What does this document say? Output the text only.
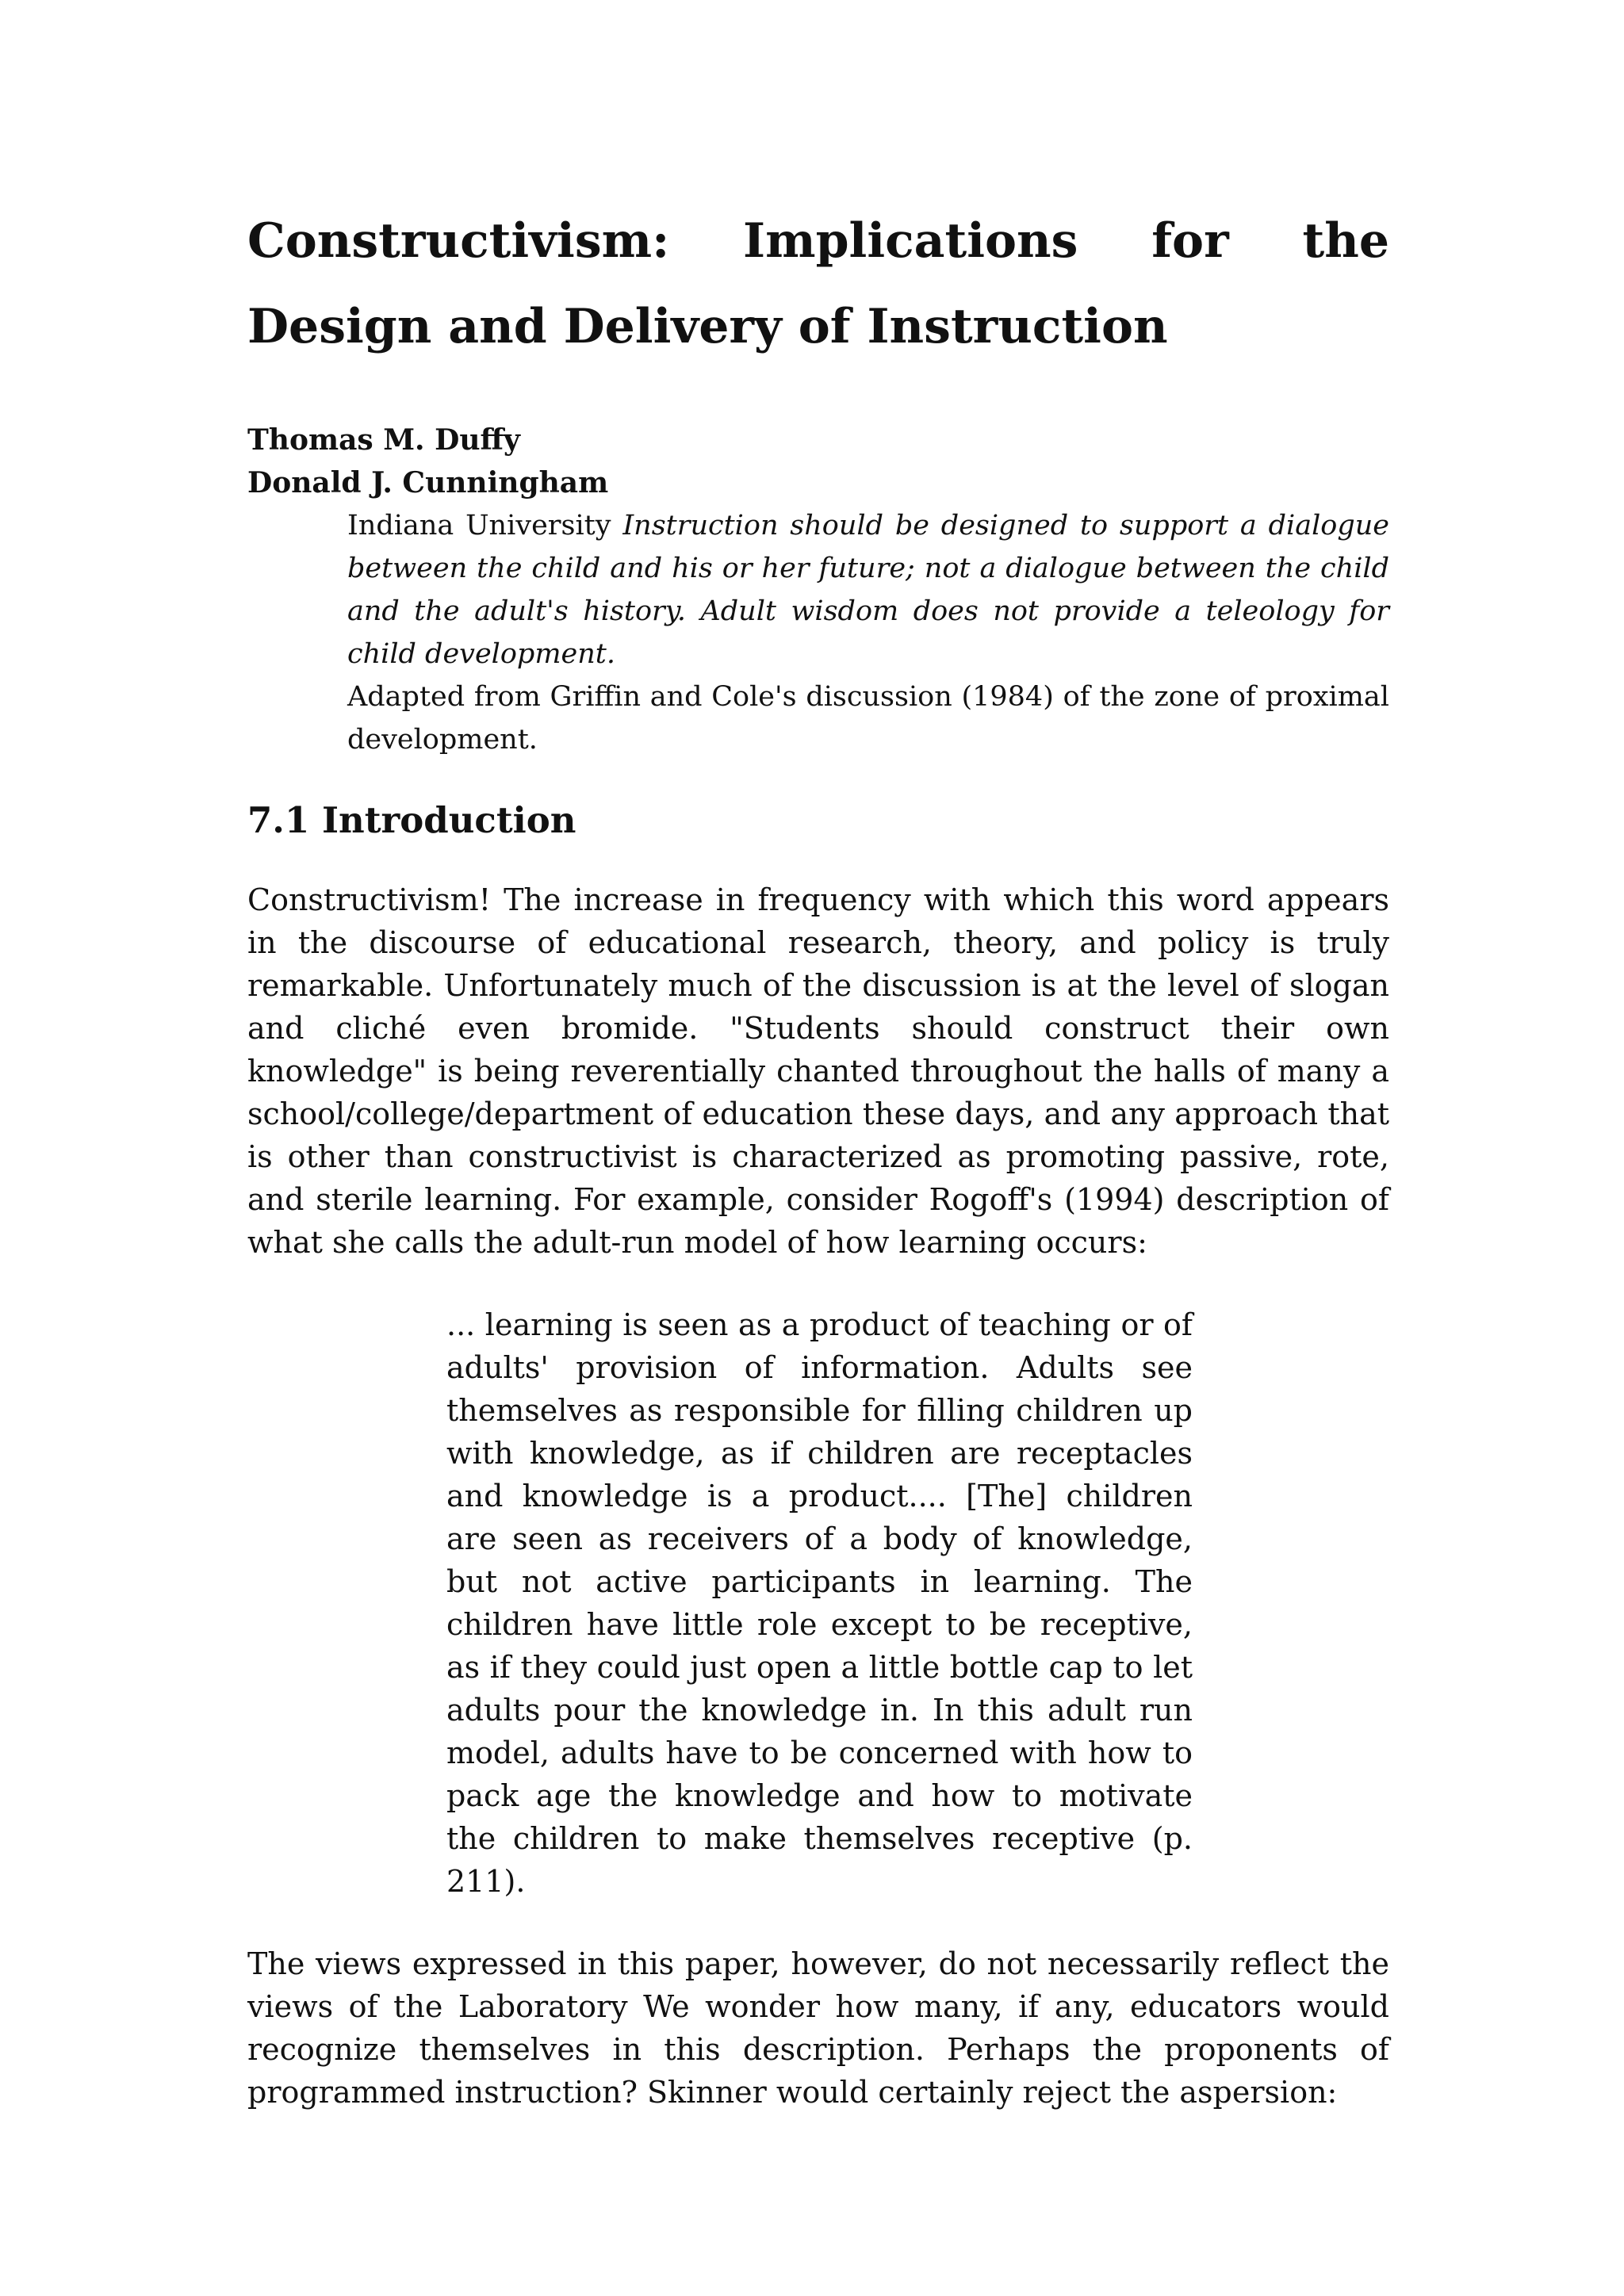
Constructivism: Implications for the Design and Delivery of Instruction
Thomas M. Duffy
Donald J. Cunningham

Indiana University Instruction should be designed to support a dialogue between the child and his or her future; not a dialogue between the child and the adult's history. Adult wisdom does not provide a teleology for child development.

Adapted from Griffin and Cole's discussion (1984) of the zone of proximal development.

7.1 Introduction

Constructivism! The increase in frequency with which this word appears in the discourse of educational research, theory, and policy is truly remarkable. Unfortunately much of the discussion is at the level of slogan and cliché even bromide. "Students should construct their own knowledge" is being reverentially chanted throughout the halls of many a school/college/department of education these days, and any approach that is other than constructivist is characterized as promoting passive, rote, and sterile learning. For example, consider Rogoff's (1994) description of what she calls the adult-run model of how learning occurs:

... learning is seen as a product of teaching or of adults' provision of information. Adults see themselves as responsible for filling children up with knowledge, as if children are receptacles and knowledge is a product.... [The] children are seen as receivers of a body of knowledge, but not active participants in learning. The children have little role except to be receptive, as if they could just open a little bottle cap to let adults pour the knowledge in. In this adult run model, adults have to be concerned with how to pack age the knowledge and how to motivate the children to make themselves receptive (p. 211).

The views expressed in this paper, however, do not necessarily reflect the views of the Laboratory We wonder how many, if any, educators would recognize themselves in this description. Perhaps the proponents of programmed instruction? Skinner would certainly reject the aspersion:
